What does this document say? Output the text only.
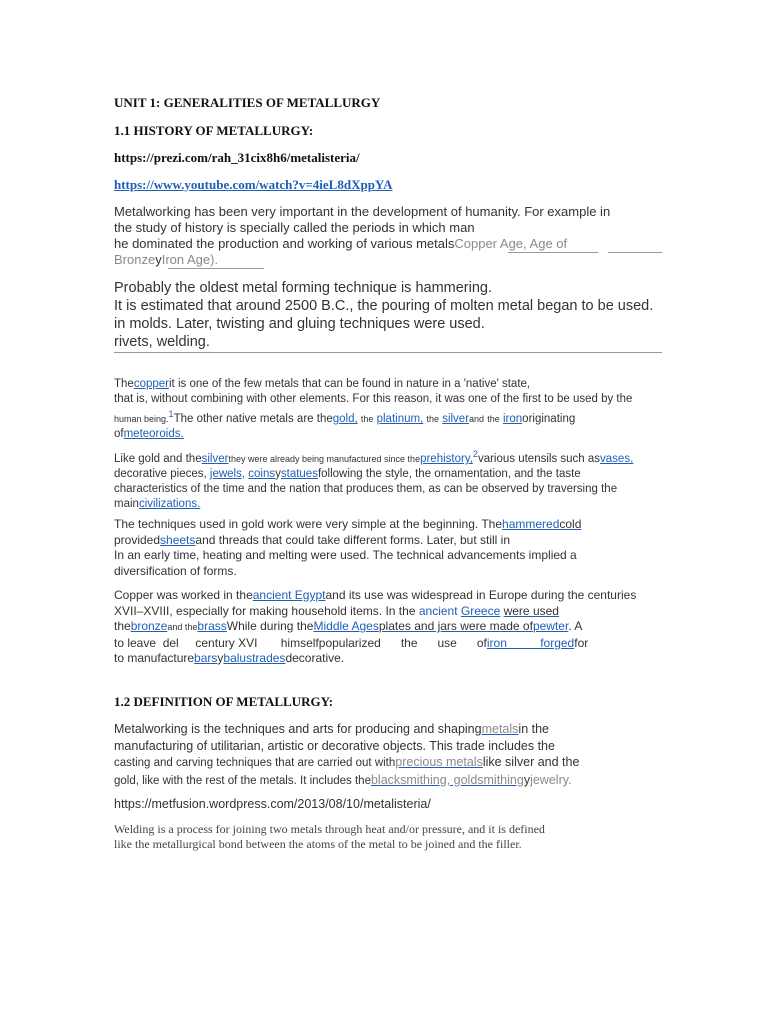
UNIT 1: GENERALITIES OF METALLURGY
1.1 HISTORY OF METALLURGY:
https://prezi.com/rah_31cix8h6/metalisteria/
https://www.youtube.com/watch?v=4ieL8dXppYA
Metalworking has been very important in the development of humanity. For example in
the study of history is specially called the periods in which man
he dominated the production and working of various metalsCopper Age, Age of
BronzeyIron Age).
Probably the oldest metal forming technique is hammering.
It is estimated that around 2500 B.C., the pouring of molten metal began to be used.
in molds. Later, twisting and gluing techniques were used.
rivets, welding.
Thecopperit is one of the few metals that can be found in nature in a 'native' state,
that is, without combining with other elements. For this reason, it was one of the first to be used by the
human being.$^1$The other native metals are thegold, the platinum, the silverand the ironoriginating
ofmeteoroids.
Like gold and thesilverthey were already being manufactured since theprehistory,$^2$various utensils such asvases,
decorative pieces, jewels, coinsystatuesfollowing the style, the ornamentation, and the taste
characteristics of the time and the nation that produces them, as can be observed by traversing the
maincivilizations.
The techniques used in gold work were very simple at the beginning. Thehammeredcold
providedsheetsand threads that could take different forms. Later, but still in
In an early time, heating and melting were used. The technical advancements implied a
diversification of forms.
Copper was worked in theancient Egyptand its use was widespread in Europe during the centuries
XVII–XVIII, especially for making household items. In the ancient Greece were used
thebronzeand thebrassWhile during theMiddle Agesplates and jars were made ofpewter. A
to leave  del     century XVI       himselfpopularized      the      use      ofiron          forgedfor
to manufacturebarsybalustradesdecorative.
1.2 DEFINITION OF METALLURGY:
Metalworking is the techniques and arts for producing and shapingmetalsin the
manufacturing of utilitarian, artistic or decorative objects. This trade includes the
casting and carving techniques that are carried out withprecious metalslike silver and the
gold, like with the rest of the metals. It includes theblacksmithing, goldsmithingyjewelry.
https://metfusion.wordpress.com/2013/08/10/metalisteria/
Welding is a process for joining two metals through heat and/or pressure, and it is defined
like the metallurgical bond between the atoms of the metal to be joined and the filler.
